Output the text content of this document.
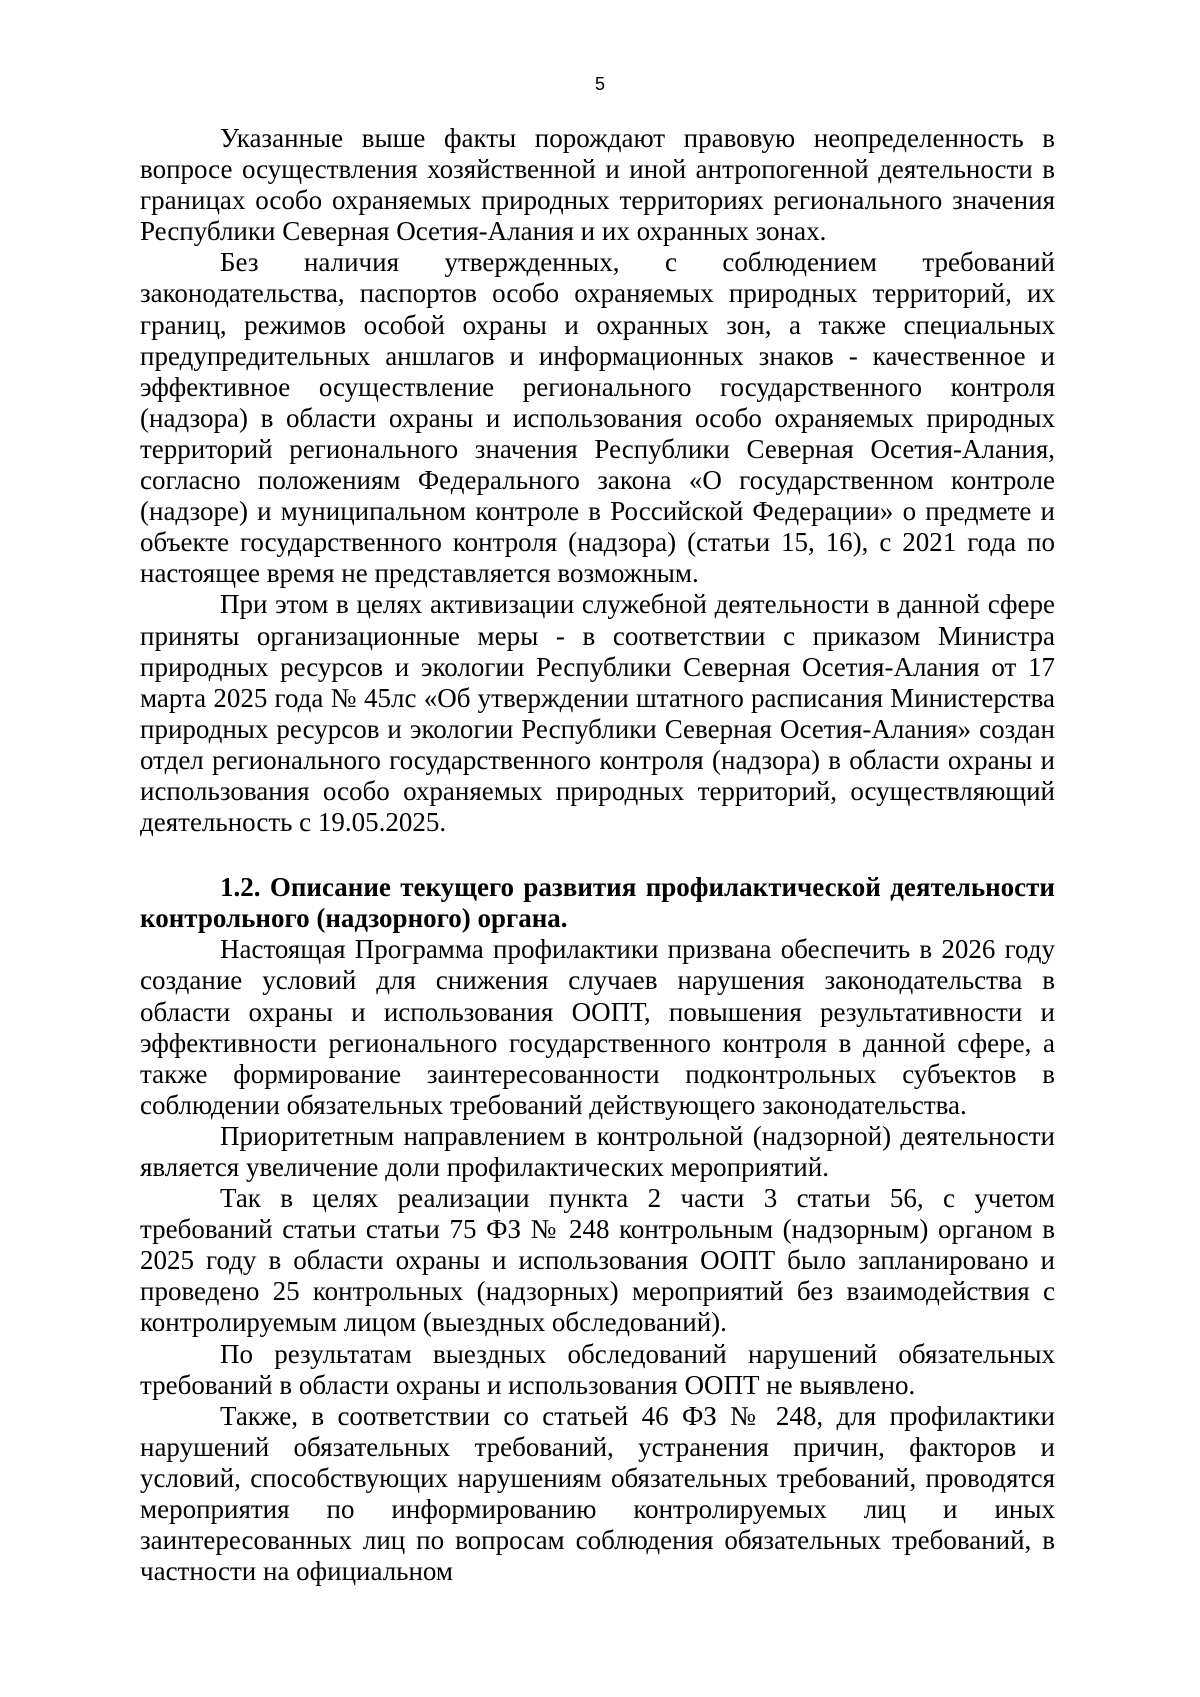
5

Указанные выше факты порождают правовую неопределенность в вопросе осуществления хозяйственной и иной антропогенной деятельности в границах особо охраняемых природных территориях регионального значения Республики Северная Осетия-Алания и их охранных зонах.

Без наличия утвержденных, с соблюдением требований законодательства, паспортов особо охраняемых природных территорий, их границ, режимов особой охраны и охранных зон, а также специальных предупредительных аншлагов и информационных знаков - качественное и эффективное осуществление регионального государственного контроля (надзора) в области охраны и использования особо охраняемых природных территорий регионального значения Республики Северная Осетия-Алания, согласно положениям Федерального закона «О государственном контроле (надзоре) и муниципальном контроле в Российской Федерации» о предмете и объекте государственного контроля (надзора) (статьи 15, 16), с 2021 года по настоящее время не представляется возможным.

При этом в целях активизации служебной деятельности в данной сфере приняты организационные меры - в соответствии с приказом Министра природных ресурсов и экологии Республики Северная Осетия-Алания от 17 марта 2025 года № 45лс «Об утверждении штатного расписания Министерства природных ресурсов и экологии Республики Северная Осетия-Алания» создан отдел регионального государственного контроля (надзора) в области охраны и использования особо охраняемых природных территорий, осуществляющий деятельность с 19.05.2025.

1.2. Описание текущего развития профилактической деятельности контрольного (надзорного) органа.

Настоящая Программа профилактики призвана обеспечить в 2026 году создание условий для снижения случаев нарушения законодательства в области охраны и использования ООПТ, повышения результативности и эффективности регионального государственного контроля в данной сфере, а также формирование заинтересованности подконтрольных субъектов в соблюдении обязательных требований действующего законодательства.

Приоритетным направлением в контрольной (надзорной) деятельности является увеличение доли профилактических мероприятий.

Так в целях реализации пункта 2 части 3 статьи 56, с учетом требований статьи статьи 75 ФЗ № 248 контрольным (надзорным) органом в 2025 году в области охраны и использования ООПТ было запланировано и проведено 25 контрольных (надзорных) мероприятий без взаимодействия с контролируемым лицом (выездных обследований).

По результатам выездных обследований нарушений обязательных требований в области охраны и использования ООПТ не выявлено.

Также, в соответствии со статьей 46 ФЗ № 248, для профилактики нарушений обязательных требований, устранения причин, факторов и условий, способствующих нарушениям обязательных требований, проводятся мероприятия по информированию контролируемых лиц и иных заинтересованных лиц по вопросам соблюдения обязательных требований, в частности на официальном
